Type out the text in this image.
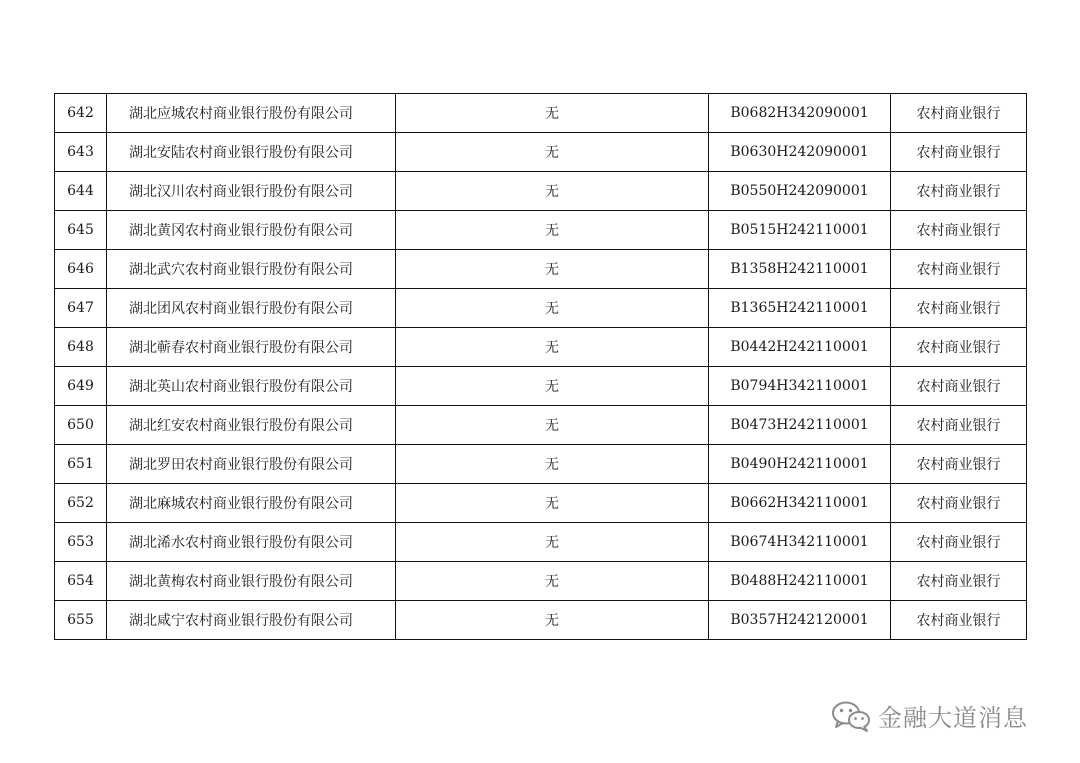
642	湖北应城农村商业银行股份有限公司	无	B0682H342090001	农村商业银行
643	湖北安陆农村商业银行股份有限公司	无	B0630H242090001	农村商业银行
644	湖北汉川农村商业银行股份有限公司	无	B0550H242090001	农村商业银行
645	湖北黄冈农村商业银行股份有限公司	无	B0515H242110001	农村商业银行
646	湖北武穴农村商业银行股份有限公司	无	B1358H242110001	农村商业银行
647	湖北团风农村商业银行股份有限公司	无	B1365H242110001	农村商业银行
648	湖北蕲春农村商业银行股份有限公司	无	B0442H242110001	农村商业银行
649	湖北英山农村商业银行股份有限公司	无	B0794H342110001	农村商业银行
650	湖北红安农村商业银行股份有限公司	无	B0473H242110001	农村商业银行
651	湖北罗田农村商业银行股份有限公司	无	B0490H242110001	农村商业银行
652	湖北麻城农村商业银行股份有限公司	无	B0662H342110001	农村商业银行
653	湖北浠水农村商业银行股份有限公司	无	B0674H342110001	农村商业银行
654	湖北黄梅农村商业银行股份有限公司	无	B0488H242110001	农村商业银行
655	湖北咸宁农村商业银行股份有限公司	无	B0357H242120001	农村商业银行
金融大道消息
